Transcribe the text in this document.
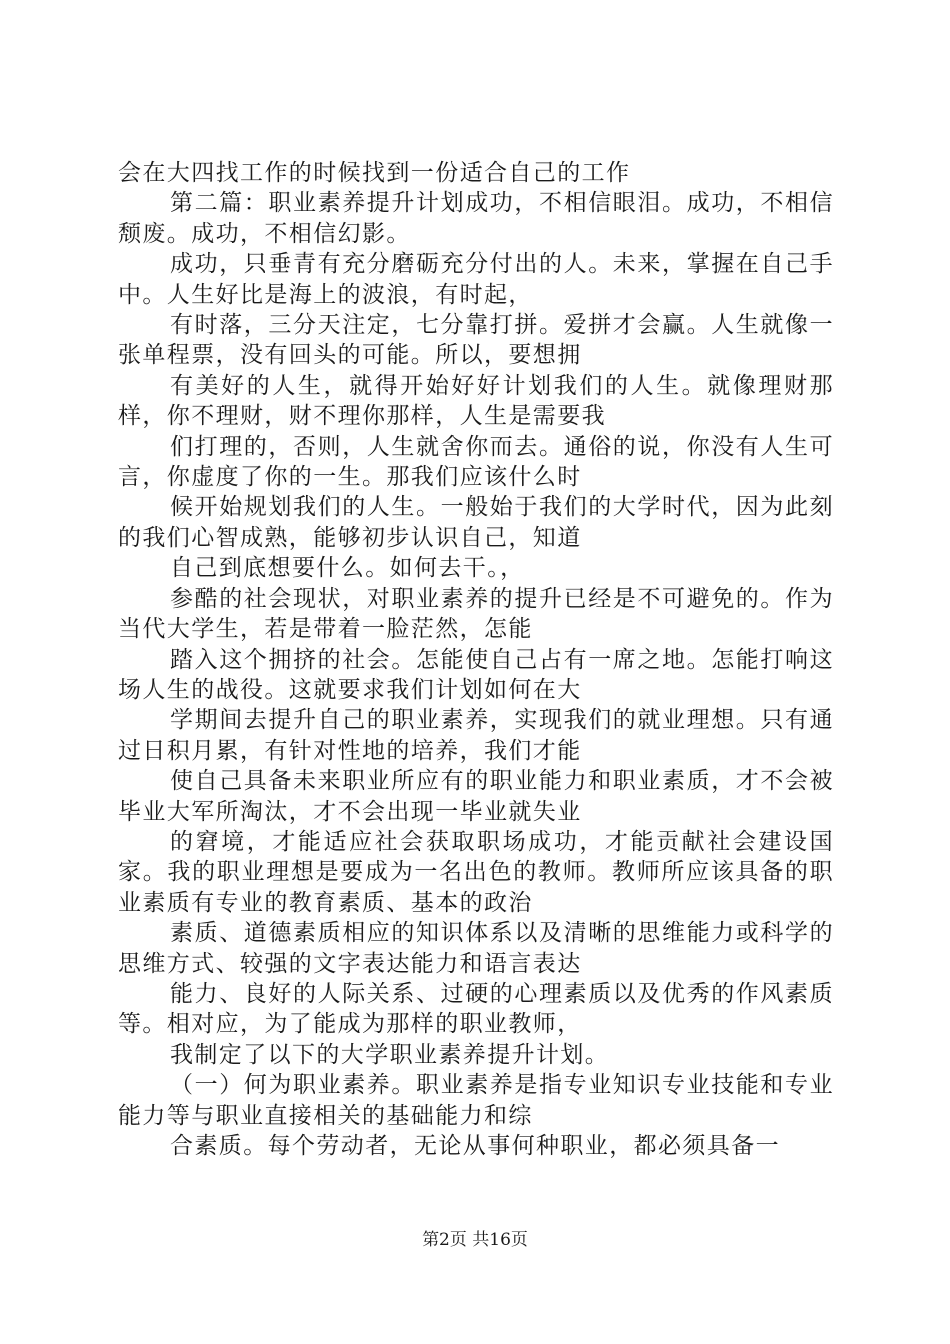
会在大四找工作的时候找到一份适合自己的工作

第二篇：职业素养提升计划成功，不相信眼泪。成功，不相信颓废。成功，不相信幻影。

成功，只垂青有充分磨砺充分付出的人。未来，掌握在自己手中。人生好比是海上的波浪，有时起，

有时落，三分天注定，七分靠打拼。爱拼才会赢。人生就像一张单程票，没有回头的可能。所以，要想拥

有美好的人生，就得开始好好计划我们的人生。就像理财那样，你不理财，财不理你那样，人生是需要我

们打理的，否则，人生就舍你而去。通俗的说，你没有人生可言，你虚度了你的一生。那我们应该什么时

候开始规划我们的人生。一般始于我们的大学时代，因为此刻的我们心智成熟，能够初步认识自己，知道

自己到底想要什么。如何去干。，

参酷的社会现状，对职业素养的提升已经是不可避免的。作为当代大学生，若是带着一脸茫然，怎能

踏入这个拥挤的社会。怎能使自己占有一席之地。怎能打响这场人生的战役。这就要求我们计划如何在大

学期间去提升自己的职业素养，实现我们的就业理想。只有通过日积月累，有针对性地的培养，我们才能

使自己具备未来职业所应有的职业能力和职业素质，才不会被毕业大军所淘汰，才不会出现一毕业就失业

的窘境，才能适应社会获取职场成功，才能贡献社会建设国家。我的职业理想是要成为一名出色的教师。教师所应该具备的职业素质有专业的教育素质、基本的政治

素质、道德素质相应的知识体系以及清晰的思维能力或科学的思维方式、较强的文字表达能力和语言表达

能力、良好的人际关系、过硬的心理素质以及优秀的作风素质等。相对应，为了能成为那样的职业教师，

我制定了以下的大学职业素养提升计划。

（一）何为职业素养。职业素养是指专业知识专业技能和专业能力等与职业直接相关的基础能力和综

合素质。每个劳动者，无论从事何种职业，都必须具备一

第2页 共16页
